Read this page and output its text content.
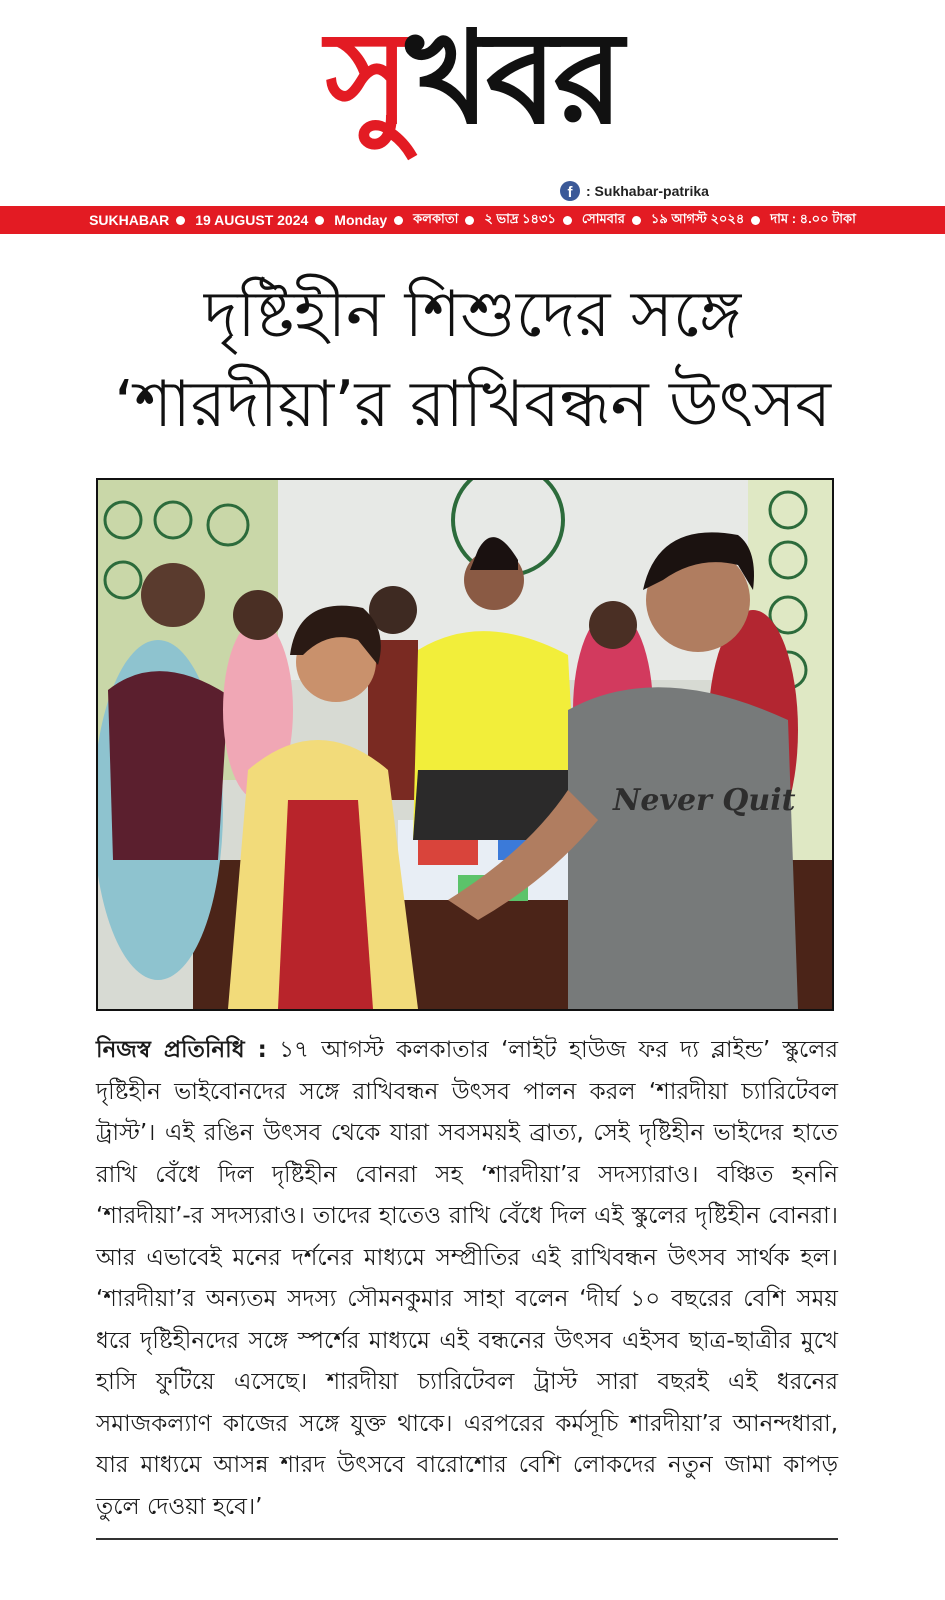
সুখবর
f : Sukhabar-patrika
SUKHABAR 19 AUGUST 2024 Monday কলকাতা ২ ভাদ্র ১৪৩১ সোমবার ১৯ আগস্ট ২০২৪ দাম : ৪.০০ টাকা
দৃষ্টিহীন শিশুদের সঙ্গে
‘শারদীয়া’র রাখিবন্ধন উৎসব
Never Quit
নিজস্ব প্রতিনিধি : ১৭ আগস্ট কলকাতার ‘লাইট হাউজ ফর দ্য ব্লাইন্ড’ স্কুলের দৃষ্টিহীন ভাইবোনদের সঙ্গে রাখিবন্ধন উৎসব পালন করল ‘শারদীয়া চ্যারিটেবল ট্রাস্ট’। এই রঙিন উৎসব থেকে যারা সবসময়ই ব্রাত্য, সেই দৃষ্টিহীন ভাইদের হাতে রাখি বেঁধে দিল দৃষ্টিহীন বোনরা সহ ‘শারদীয়া’র সদস্যারাও। বঞ্চিত হননি ‘শারদীয়া’-র সদস্যরাও। তাদের হাতেও রাখি বেঁধে দিল এই স্কুলের দৃষ্টিহীন বোনরা। আর এভাবেই মনের দর্শনের মাধ্যমে সম্প্রীতির এই রাখিবন্ধন উৎসব সার্থক হল। ‘শারদীয়া’র অন্যতম সদস্য সৌমনকুমার সাহা বলেন ‘দীর্ঘ ১০ বছরের বেশি সময় ধরে দৃষ্টিহীনদের সঙ্গে স্পর্শের মাধ্যমে এই বন্ধনের উৎসব এইসব ছাত্র-ছাত্রীর মুখে হাসি ফুটিয়ে এসেছে। শারদীয়া চ্যারিটেবল ট্রাস্ট সারা বছরই এই ধরনের সমাজকল্যাণ কাজের সঙ্গে যুক্ত থাকে। এরপরের কর্মসূচি শারদীয়া’র আনন্দধারা, যার মাধ্যমে আসন্ন শারদ উৎসবে বারোশোর বেশি লোকদের নতুন জামা কাপড় তুলে দেওয়া হবে।’
